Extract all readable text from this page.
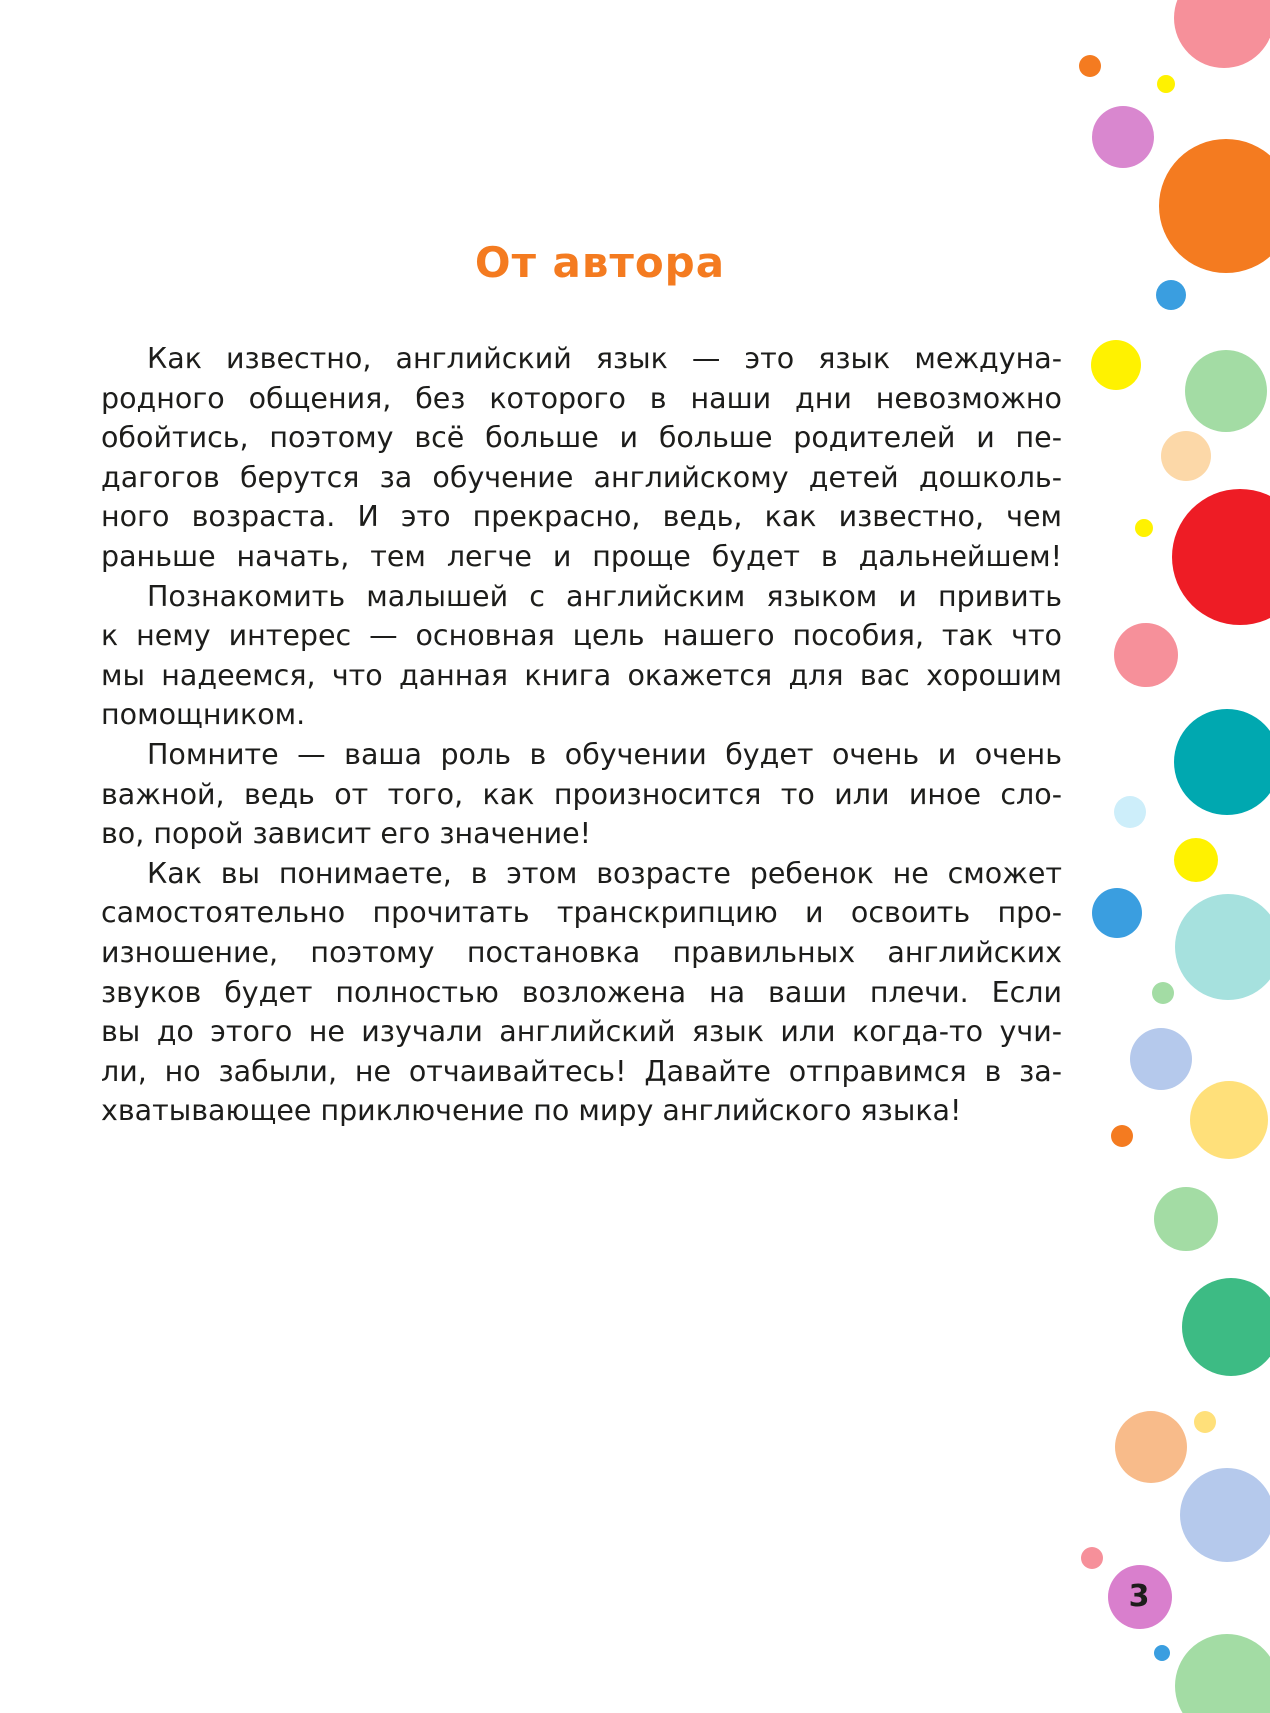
От автора

Как известно, английский язык — это язык междуна-
родного общения, без которого в наши дни невозможно
обойтись, поэтому всё больше и больше родителей и пе-
дагогов берутся за обучение английскому детей дошколь-
ного возраста. И это прекрасно, ведь, как известно, чем
раньше начать, тем легче и проще будет в дальнейшем!

Познакомить малышей с английским языком и привить
к нему интерес — основная цель нашего пособия, так что
мы надеемся, что данная книга окажется для вас хорошим
помощником.

Помните — ваша роль в обучении будет очень и очень
важной, ведь от того, как произносится то или иное сло-
во, порой зависит его значение!

Как вы понимаете, в этом возрасте ребенок не сможет
самостоятельно прочитать транскрипцию и освоить про-
изношение, поэтому постановка правильных английских
звуков будет полностью возложена на ваши плечи. Если
вы до этого не изучали английский язык или когда-то учи-
ли, но забыли, не отчаивайтесь! Давайте отправимся в за-
хватывающее приключение по миру английского языка!

3
